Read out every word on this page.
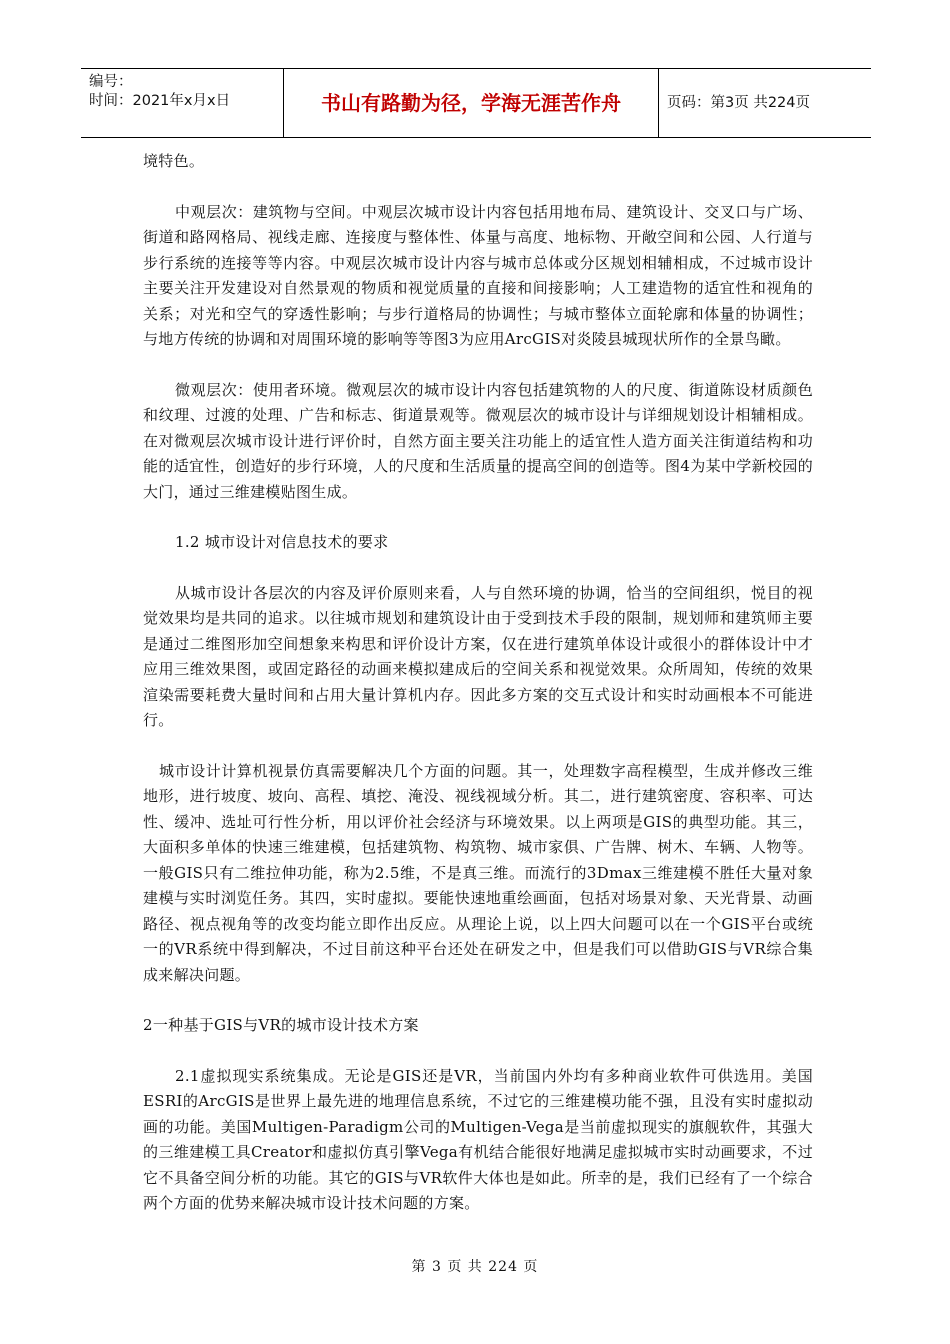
编号：
时间：2021年x月x日	书山有路勤为径，学海无涯苦作舟	页码：第3页 共224页

境特色。

中观层次：建筑物与空间。中观层次城市设计内容包括用地布局、建筑设计、交叉口与广场、街道和路网格局、视线走廊、连接度与整体性、体量与高度、地标物、开敞空间和公园、人行道与步行系统的连接等等内容。中观层次城市设计内容与城市总体或分区规划相辅相成，不过城市设计主要关注开发建设对自然景观的物质和视觉质量的直接和间接影响；人工建造物的适宜性和视角的关系；对光和空气的穿透性影响；与步行道格局的协调性；与城市整体立面轮廓和体量的协调性；与地方传统的协调和对周围环境的影响等等图3为应用ArcGIS对炎陵县城现状所作的全景鸟瞰。

微观层次：使用者环境。微观层次的城市设计内容包括建筑物的人的尺度、街道陈设材质颜色和纹理、过渡的处理、广告和标志、街道景观等。微观层次的城市设计与详细规划设计相辅相成。在对微观层次城市设计进行评价时，自然方面主要关注功能上的适宜性人造方面关注街道结构和功能的适宜性，创造好的步行环境，人的尺度和生活质量的提高空间的创造等。图4为某中学新校园的大门，通过三维建模贴图生成。

1.2 城市设计对信息技术的要求

从城市设计各层次的内容及评价原则来看，人与自然环境的协调，恰当的空间组织，悦目的视觉效果均是共同的追求。以往城市规划和建筑设计由于受到技术手段的限制，规划师和建筑师主要是通过二维图形加空间想象来构思和评价设计方案，仅在进行建筑单体设计或很小的群体设计中才应用三维效果图，或固定路径的动画来模拟建成后的空间关系和视觉效果。众所周知，传统的效果渲染需要耗费大量时间和占用大量计算机内存。因此多方案的交互式设计和实时动画根本不可能进行。

城市设计计算机视景仿真需要解决几个方面的问题。其一，处理数字高程模型，生成并修改三维地形，进行坡度、坡向、高程、填挖、淹没、视线视域分析。其二，进行建筑密度、容积率、可达性、缓冲、选址可行性分析，用以评价社会经济与环境效果。以上两项是GIS的典型功能。其三，大面积多单体的快速三维建模，包括建筑物、构筑物、城市家俱、广告牌、树木、车辆、人物等。一般GIS只有二维拉伸功能，称为2.5维，不是真三维。而流行的3Dmax三维建模不胜任大量对象建模与实时浏览任务。其四，实时虚拟。要能快速地重绘画面，包括对场景对象、天光背景、动画路径、视点视角等的改变均能立即作出反应。从理论上说，以上四大问题可以在一个GIS平台或统一的VR系统中得到解决，不过目前这种平台还处在研发之中，但是我们可以借助GIS与VR综合集成来解决问题。

2一种基于GIS与VR的城市设计技术方案

2.1虚拟现实系统集成。无论是GIS还是VR，当前国内外均有多种商业软件可供选用。美国ESRI的ArcGIS是世界上最先进的地理信息系统，不过它的三维建模功能不强，且没有实时虚拟动画的功能。美国Multigen-Paradigm公司的Multigen-Vega是当前虚拟现实的旗舰软件，其强大的三维建模工具Creator和虚拟仿真引擎Vega有机结合能很好地满足虚拟城市实时动画要求，不过它不具备空间分析的功能。其它的GIS与VR软件大体也是如此。所幸的是，我们已经有了一个综合两个方面的优势来解决城市设计技术问题的方案。

第 3 页 共 224 页
